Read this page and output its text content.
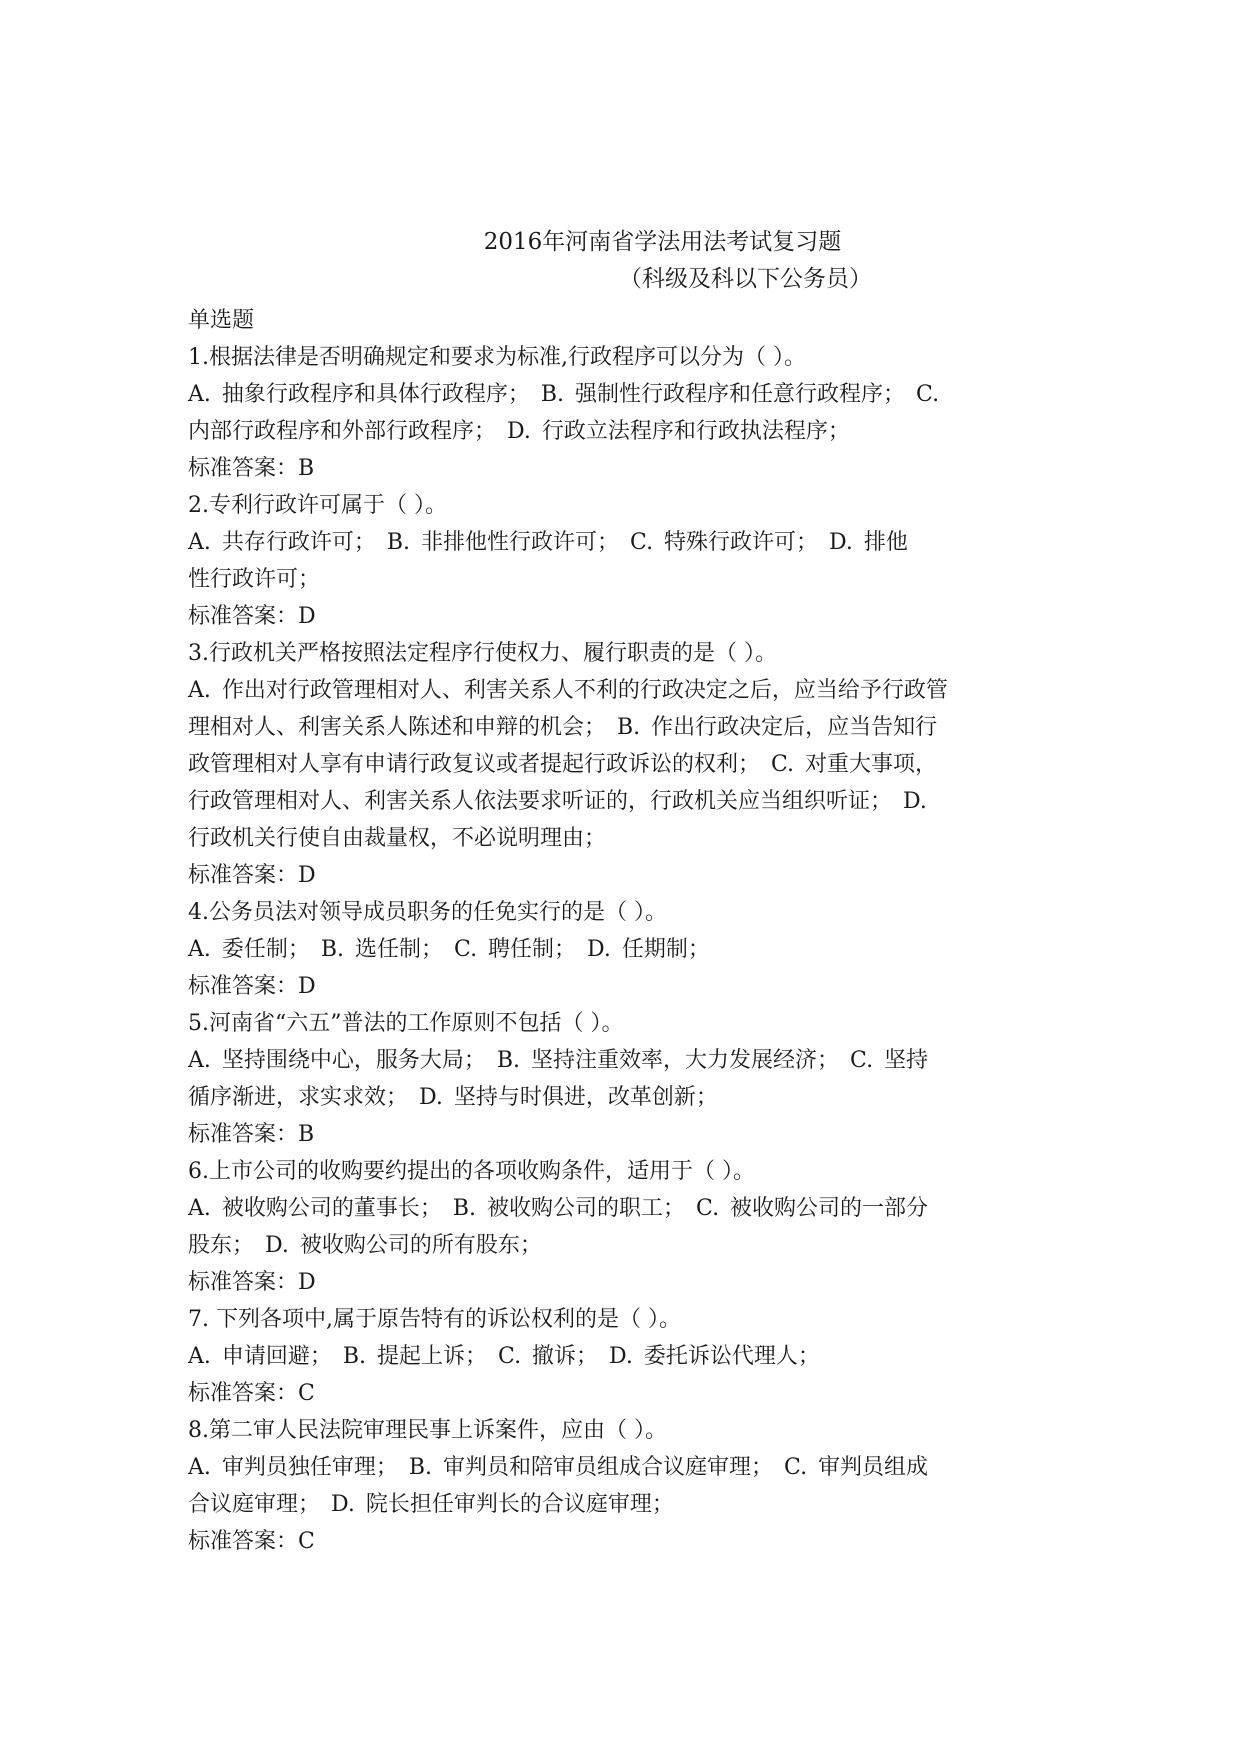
2016年河南省学法用法考试复习题
（科级及科以下公务员）
单选题
1.根据法律是否明确规定和要求为标准,行政程序可以分为（ ）。
A. 抽象行政程序和具体行政程序； B. 强制性行政程序和任意行政程序； C.
内部行政程序和外部行政程序； D. 行政立法程序和行政执法程序；
标准答案：B
2.专利行政许可属于（ ）。
A. 共存行政许可； B. 非排他性行政许可； C. 特殊行政许可； D. 排他
性行政许可；
标准答案：D
3.行政机关严格按照法定程序行使权力、履行职责的是（ ）。
A. 作出对行政管理相对人、利害关系人不利的行政决定之后，应当给予行政管
理相对人、利害关系人陈述和申辩的机会； B. 作出行政决定后，应当告知行
政管理相对人享有申请行政复议或者提起行政诉讼的权利； C. 对重大事项，
行政管理相对人、利害关系人依法要求听证的，行政机关应当组织听证； D.
行政机关行使自由裁量权，不必说明理由；
标准答案：D
4.公务员法对领导成员职务的任免实行的是（ ）。
A. 委任制； B. 选任制； C. 聘任制； D. 任期制；
标准答案：D
5.河南省“六五”普法的工作原则不包括（ ）。
A. 坚持围绕中心，服务大局； B. 坚持注重效率，大力发展经济； C. 坚持
循序渐进，求实求效； D. 坚持与时俱进，改革创新；
标准答案：B
6.上市公司的收购要约提出的各项收购条件，适用于（ ）。
A. 被收购公司的董事长； B. 被收购公司的职工； C. 被收购公司的一部分
股东； D. 被收购公司的所有股东；
标准答案：D
7. 下列各项中,属于原告特有的诉讼权利的是（ ）。
A. 申请回避； B. 提起上诉； C. 撤诉； D. 委托诉讼代理人；
标准答案：C
8.第二审人民法院审理民事上诉案件，应由（ ）。
A. 审判员独任审理； B. 审判员和陪审员组成合议庭审理； C. 审判员组成
合议庭审理； D. 院长担任审判长的合议庭审理；
标准答案：C
